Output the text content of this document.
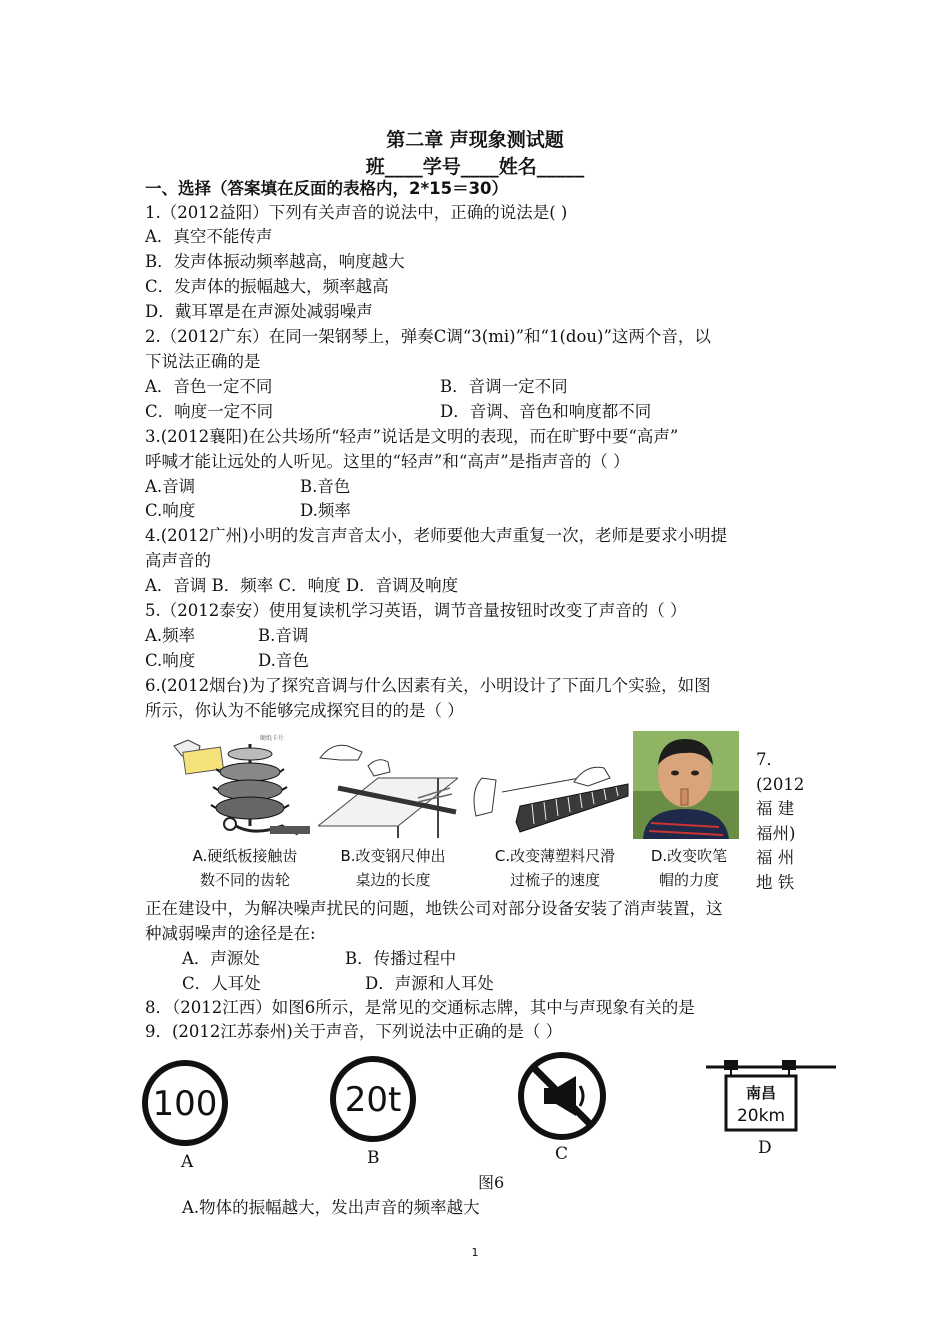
第二章 声现象测试题
班____学号____姓名_____
一、选择（答案填在反面的表格内，2*15＝30）
1.（2012益阳）下列有关声音的说法中，正确的说法是( )
A．真空不能传声
B．发声体振动频率越高，响度越大
C．发声体的振幅越大，频率越高
D．戴耳罩是在声源处减弱噪声
2.（2012广东）在同一架钢琴上，弹奏C调“3(mi)”和“1(dou)”这两个音，以
下说法正确的是
A．音色一定不同	B．音调一定不同
C．响度一定不同	D．音调、音色和响度都不同
3.(2012襄阳)在公共场所“轻声”说话是文明的表现，而在旷野中要“高声”
呼喊才能让远处的人听见。这里的“轻声”和“高声”是指声音的（ ）
A.音调	B.音色
C.响度	D.频率
4.(2012广州)小明的发言声音太小，老师要他大声重复一次，老师是要求小明提
高声音的
A．音调 B．频率 C．响度 D．音调及响度
5.（2012泰安）使用复读机学习英语，调节音量按钮时改变了声音的（ ）
A.频率	B.音调
C.响度	D.音色
6.(2012烟台)为了探究音调与什么因素有关，小明设计了下面几个实验，如图
所示，你认为不能够完成探究目的的是（ ）
硬纸卡片
A.硬纸板接触齿
数不同的齿轮
B.改变钢尺伸出
桌边的长度
C.改变薄塑料尺滑
过梳子的速度
D.改变吹笔
帽的力度
7．
(2012
福 建
福州)
福 州
地 铁
正在建设中，为解决噪声扰民的问题，地铁公司对部分设备安装了消声装置，这
种减弱噪声的途径是在:
A．声源处	B．传播过程中
C．人耳处	D．声源和人耳处
8．（2012江西）如图6所示，是常见的交通标志牌，其中与声现象有关的是
9．(2012江苏泰州)关于声音，下列说法中正确的是（ ）
100	20t	南昌
20km
A	B	C	D
图6
A.物体的振幅越大，发出声音的频率越大
1
